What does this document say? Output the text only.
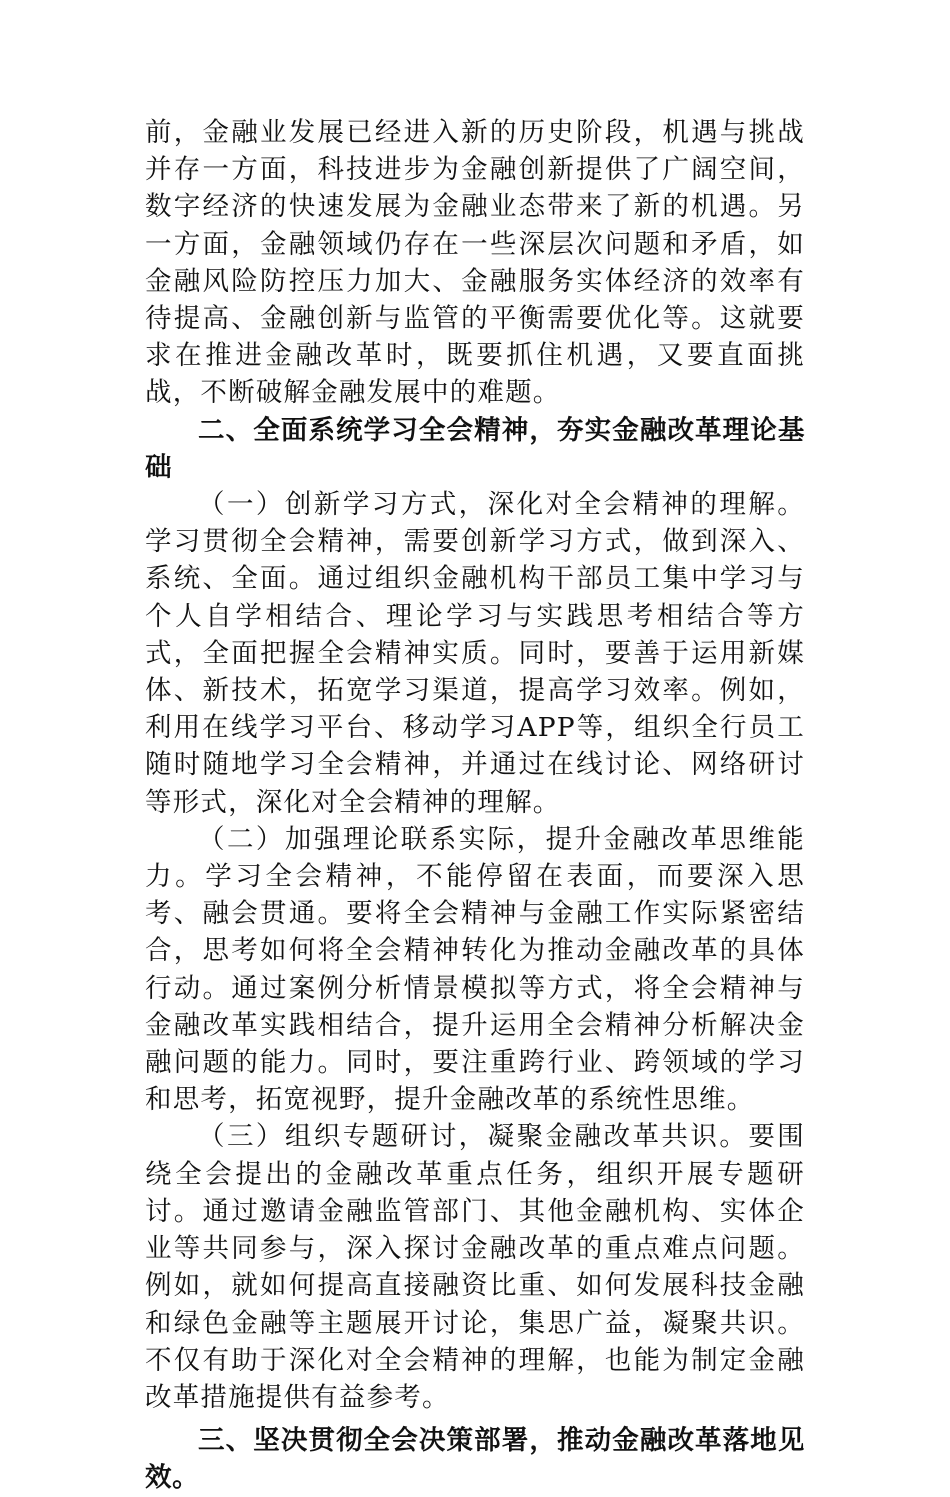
前，金融业发展已经进入新的历史阶段，机遇与挑战并存一方面，科技进步为金融创新提供了广阔空间，数字经济的快速发展为金融业态带来了新的机遇。另一方面，金融领域仍存在一些深层次问题和矛盾，如金融风险防控压力加大、金融服务实体经济的效率有待提高、金融创新与监管的平衡需要优化等。这就要求在推进金融改革时，既要抓住机遇，又要直面挑战，不断破解金融发展中的难题。

二、全面系统学习全会精神，夯实金融改革理论基础

（一）创新学习方式，深化对全会精神的理解。学习贯彻全会精神，需要创新学习方式，做到深入、系统、全面。通过组织金融机构干部员工集中学习与个人自学相结合、理论学习与实践思考相结合等方式，全面把握全会精神实质。同时，要善于运用新媒体、新技术，拓宽学习渠道，提高学习效率。例如，利用在线学习平台、移动学习APP等，组织全行员工随时随地学习全会精神，并通过在线讨论、网络研讨等形式，深化对全会精神的理解。

（二）加强理论联系实际，提升金融改革思维能力。学习全会精神，不能停留在表面，而要深入思考、融会贯通。要将全会精神与金融工作实际紧密结合，思考如何将全会精神转化为推动金融改革的具体行动。通过案例分析情景模拟等方式，将全会精神与金融改革实践相结合，提升运用全会精神分析解决金融问题的能力。同时，要注重跨行业、跨领域的学习和思考，拓宽视野，提升金融改革的系统性思维。

（三）组织专题研讨，凝聚金融改革共识。要围绕全会提出的金融改革重点任务，组织开展专题研讨。通过邀请金融监管部门、其他金融机构、实体企业等共同参与，深入探讨金融改革的重点难点问题。例如，就如何提高直接融资比重、如何发展科技金融和绿色金融等主题展开讨论，集思广益，凝聚共识。不仅有助于深化对全会精神的理解，也能为制定金融改革措施提供有益参考。

三、坚决贯彻全会决策部署，推动金融改革落地见效。
